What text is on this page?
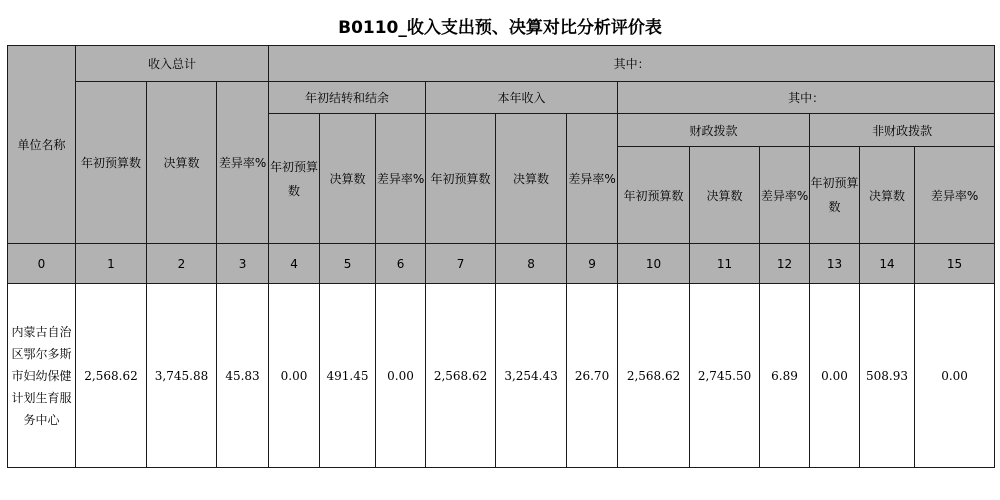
B0110_收入支出预、决算对比分析评价表
单位名称	收入总计			其中：											
	年初预算数	决算数	差异率%	年初结转和结余			本年收入			其中：					
				年初预算数	决算数	差异率%	年初预算数	决算数	差异率%	财政拨款			非财政拨款		
										年初预算数	决算数	差异率%	年初预算数	决算数	差异率%

0	1	2	3	4	5	6	7	8	9	10	11	12	13	14	15
内蒙古自治区鄂尔多斯市妇幼保健计划生育服务中心	2,568.62	3,745.88	45.83	0.00	491.45	0.00	2,568.62	3,254.43	26.70	2,568.62	2,745.50	6.89	0.00	508.93	0.00
